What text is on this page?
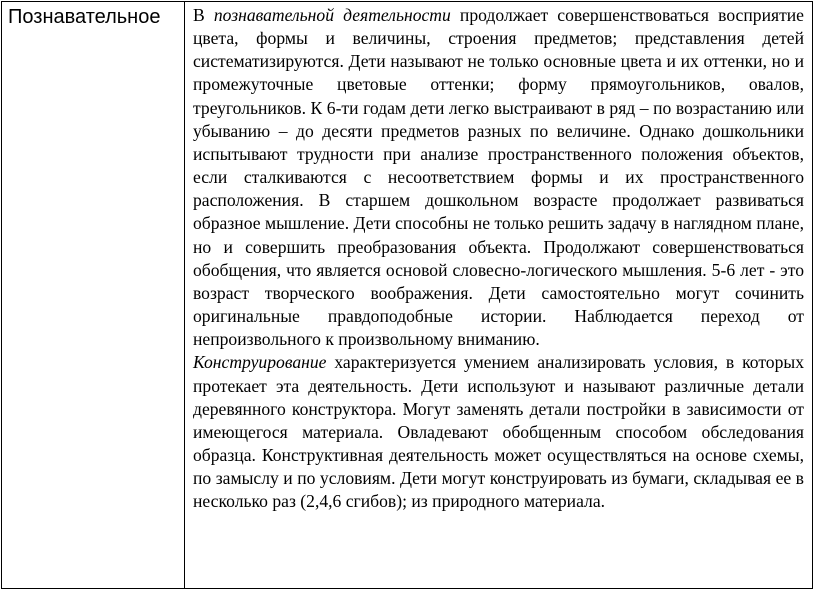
Познавательное	В познавательной деятельности продолжает совершенствоваться восприятие цвета, формы и величины, строения предметов; представления детей систематизируются. Дети называют не только основные цвета и их оттенки, но и промежуточные цветовые оттенки; форму прямоугольников, овалов, треугольников. К 6-ти годам дети легко выстраивают в ряд – по возрастанию или убыванию – до десяти предметов разных по величине. Однако дошкольники испытывают трудности при анализе пространственного положения объектов, если сталкиваются с несоответствием формы и их пространственного расположения. В старшем дошкольном возрасте продолжает развиваться образное мышление. Дети способны не только решить задачу в наглядном плане, но и совершить преобразования объекта. Продолжают совершенствоваться обобщения, что является основой словесно-логического мышления. 5-6 лет - это возраст творческого воображения. Дети самостоятельно могут сочинить оригинальные правдоподобные истории. Наблюдается переход от непроизвольного к произвольному вниманию.

Конструирование характеризуется умением анализировать условия, в которых протекает эта деятельность. Дети используют и называют различные детали деревянного конструктора. Могут заменять детали постройки в зависимости от имеющегося материала. Овладевают обобщенным способом обследования образца. Конструктивная деятельность может осуществляться на основе схемы, по замыслу и по условиям. Дети могут конструировать из бумаги, складывая ее в несколько раз (2,4,6 сгибов); из природного материала.
